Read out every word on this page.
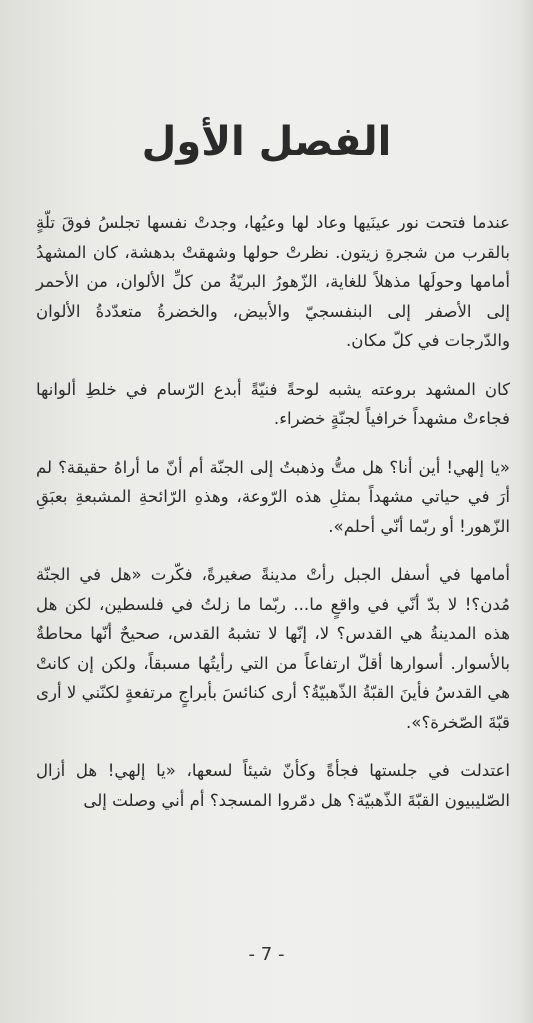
الفصل الأول

عندما فتحت نور عينَيها وعاد لها وعيُها، وجدتْ نفسها تجلسُ فوقَ تلّةٍ بالقرب من شجرةِ زيتون. نظرتْ حولها وشهقتْ بدهشة، كان المشهدُ أمامها وحولَها مذهلاً للغاية، الزّهورُ البريّةُ من كلِّ الألوان، من الأحمر إلى الأصفر إلى البنفسجيّ والأبيض، والخضرةُ متعدّدةُ الألوان والدّرجات في كلّ مكان.

كان المشهد بروعته يشبه لوحةً فنيّةً أبدع الرّسام في خلطِ ألوانها فجاءتْ مشهداً خرافياً لجنّةٍ خضراء.

«يا إلهي! أين أنا؟ هل متُّ وذهبتُ إلى الجنّة أم أنّ ما أراهُ حقيقة؟ لم أرَ في حياتي مشهداً بمثلِ هذه الرّوعة، وهذهِ الرّائحةِ المشبعةِ بعبَقِ الزّهور! أو ربّما أنّي أحلم».

أمامها في أسفل الجبل رأتْ مدينةً صغيرةً، فكّرت «هل في الجنّة مُدن؟! لا بدّ أنّي في واقعٍ ما... ربّما ما زلتُ في فلسطين، لكن هل هذه المدينةُ هي القدس؟ لا، إنّها لا تشبهُ القدس، صحيحٌ أنّها محاطةٌ بالأسوار. أسوارها أقلّ ارتفاعاً من التي رأيتُها مسبقاً، ولكن إن كانتْ هي القدسُ فأينَ القبّةُ الذّهبيّةُ؟ أرى كنائسَ بأبراجٍ مرتفعةٍ لكنّني لا أرى قبّةَ الصّخرة؟».

اعتدلت في جلستها فجأةً وكأنّ شيئاً لسعها، «يا إلهي! هل أزال الصّليبيون القبّةَ الذّهبيّة؟ هل دمّروا المسجد؟ أم أني وصلت إلى

- 7 -
